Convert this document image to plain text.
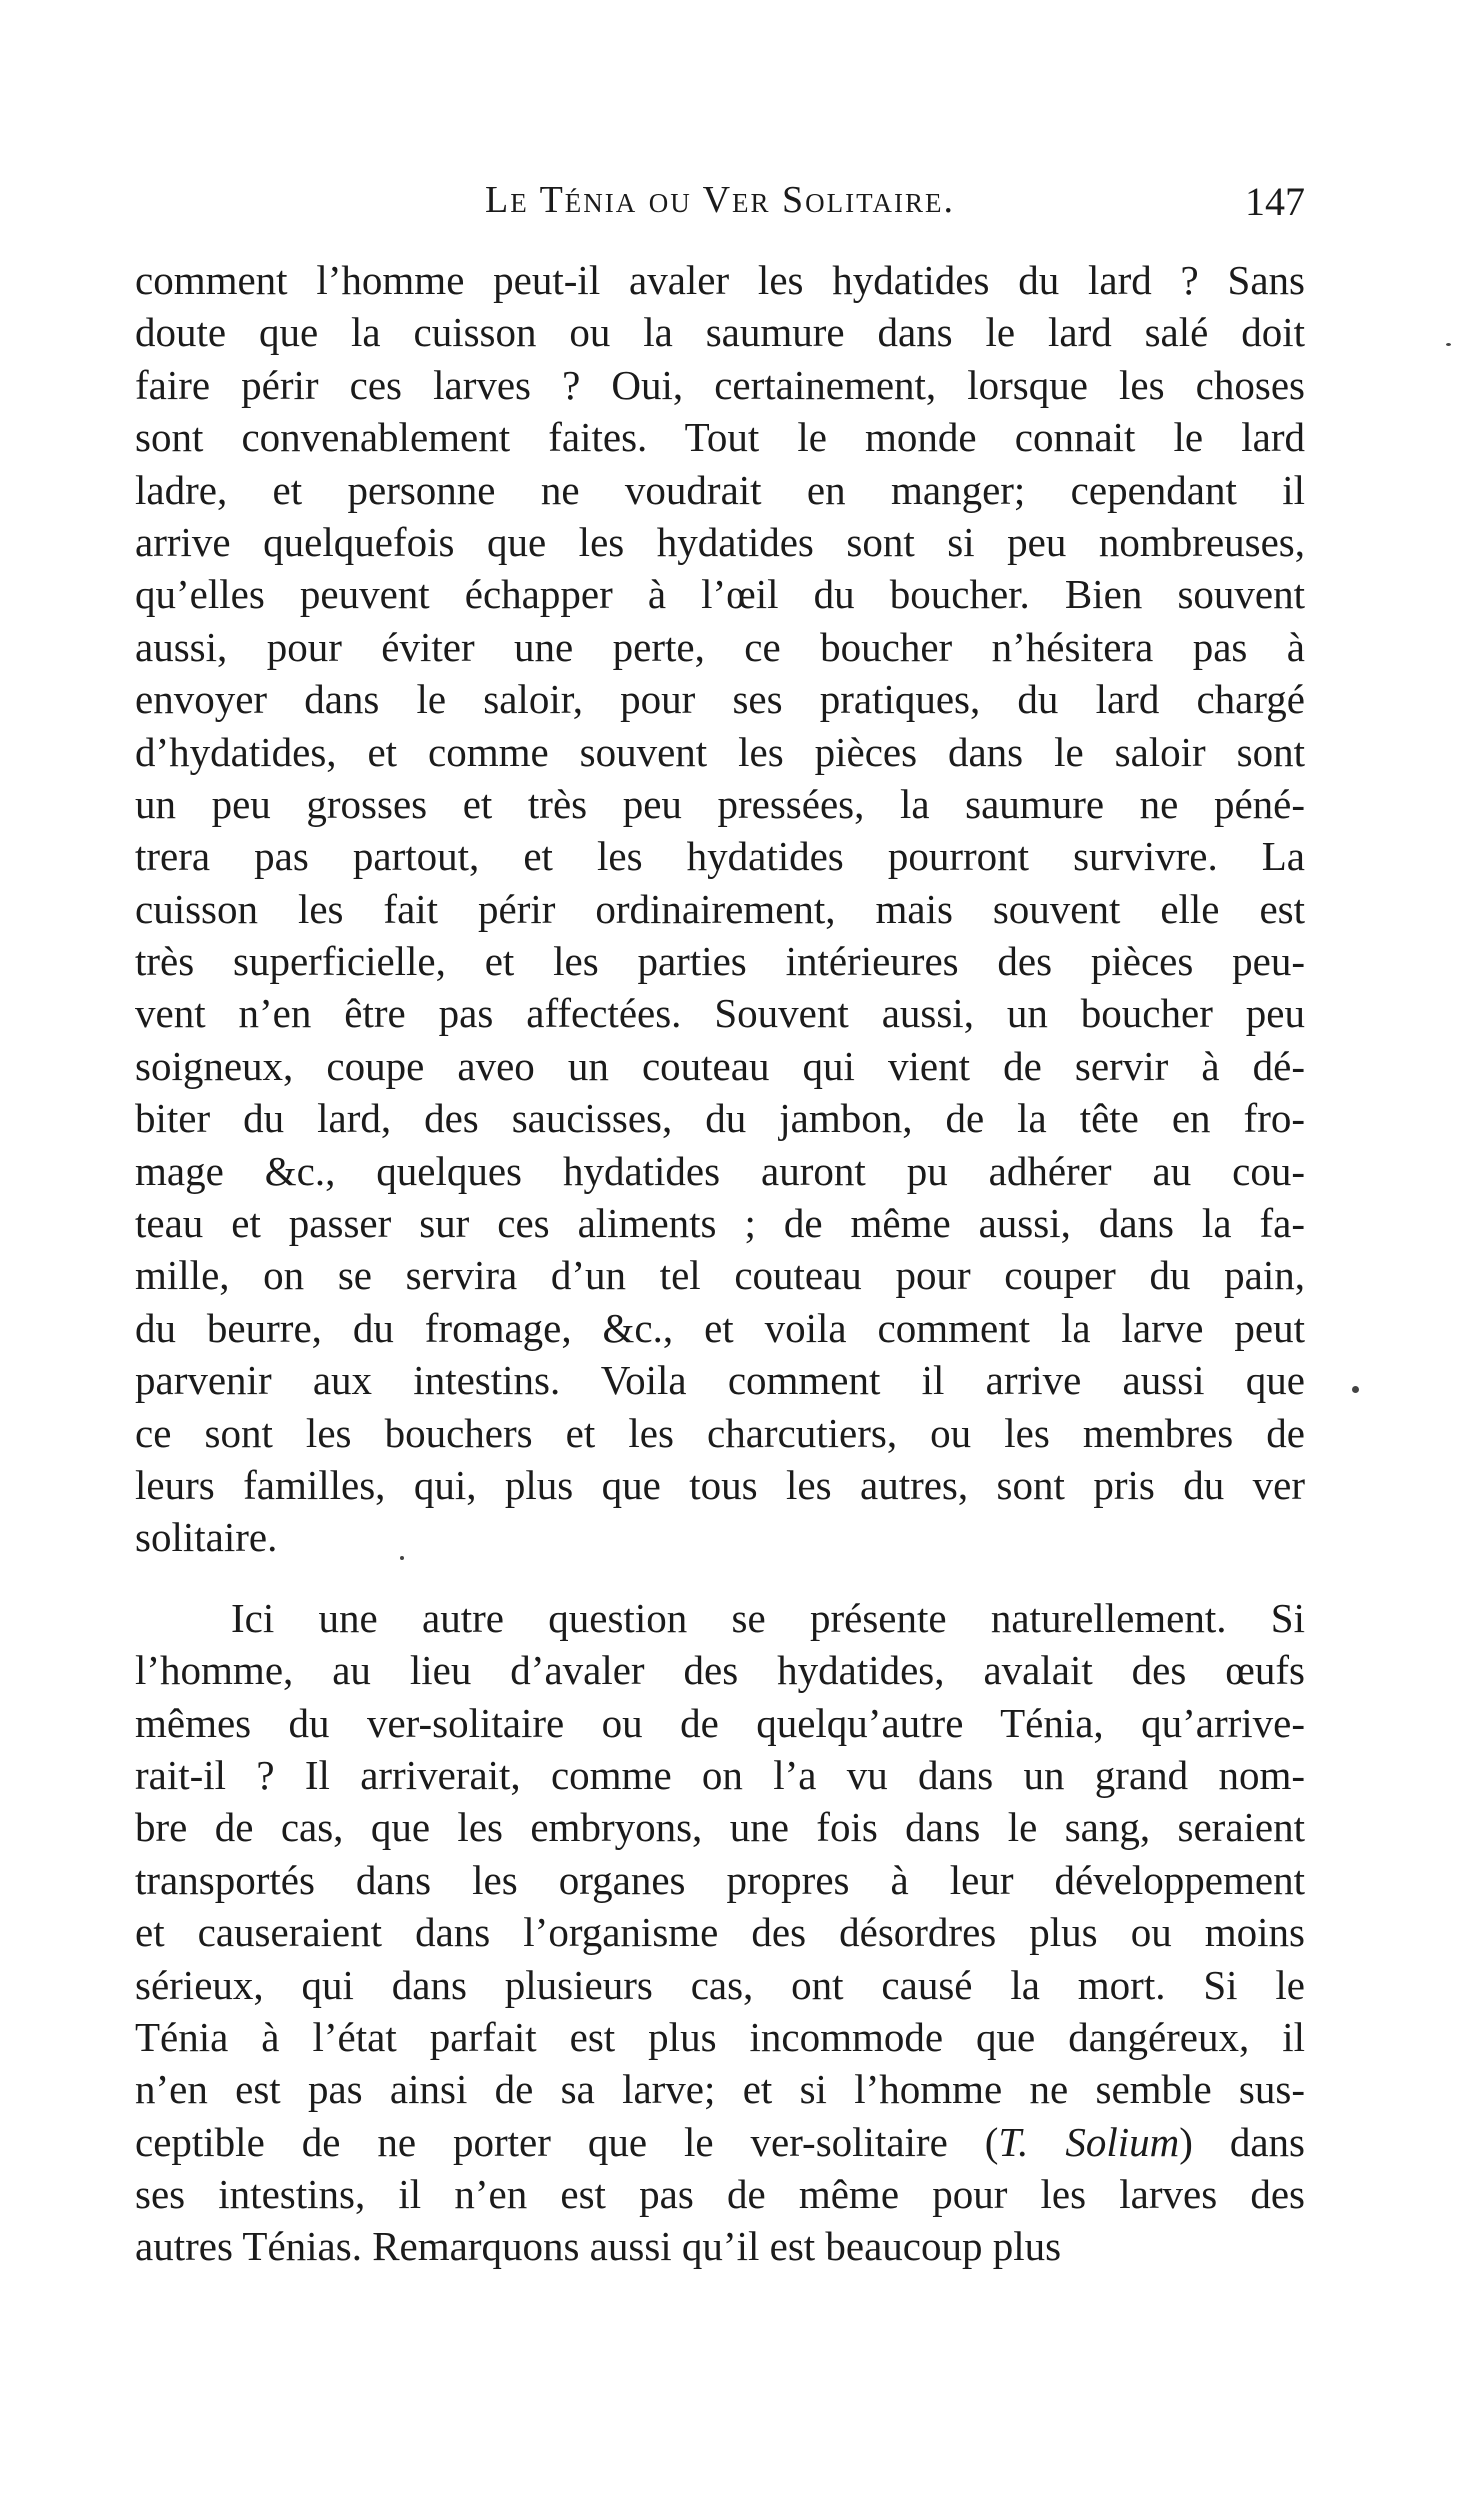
Le Ténia ou Ver Solitaire.	147
comment l’homme peut-il avaler les hydatides du lard ? Sans
doute que la cuisson ou la saumure dans le lard salé doit
faire périr ces larves ? Oui, certainement, lorsque les choses
sont convenablement faites. Tout le monde connait le lard
ladre, et personne ne voudrait en manger; cependant il
arrive quelquefois que les hydatides sont si peu nombreuses,
qu’elles peuvent échapper à l’œil du boucher. Bien souvent
aussi, pour éviter une perte, ce boucher n’hésitera pas à
envoyer dans le saloir, pour ses pratiques, du lard chargé
d’hydatides, et comme souvent les pièces dans le saloir sont
un peu grosses et très peu pressées, la saumure ne péné-
trera pas partout, et les hydatides pourront survivre. La
cuisson les fait périr ordinairement, mais souvent elle est
très superficielle, et les parties intérieures des pièces peu-
vent n’en être pas affectées. Souvent aussi, un boucher peu
soigneux, coupe aveo un couteau qui vient de servir à dé-
biter du lard, des saucisses, du jambon, de la tête en fro-
mage &c., quelques hydatides auront pu adhérer au cou-
teau et passer sur ces aliments ; de même aussi, dans la fa-
mille, on se servira d’un tel couteau pour couper du pain,
du beurre, du fromage, &c., et voila comment la larve peut
parvenir aux intestins. Voila comment il arrive aussi que
ce sont les bouchers et les charcutiers, ou les membres de
leurs familles, qui, plus que tous les autres, sont pris du ver
solitaire.
Ici une autre question se présente naturellement. Si
l’homme, au lieu d’avaler des hydatides, avalait des œufs
mêmes du ver-solitaire ou de quelqu’autre Ténia, qu’arrive-
rait-il ? Il arriverait, comme on l’a vu dans un grand nom-
bre de cas, que les embryons, une fois dans le sang, seraient
transportés dans les organes propres à leur développement
et causeraient dans l’organisme des désordres plus ou moins
sérieux, qui dans plusieurs cas, ont causé la mort. Si le
Ténia à l’état parfait est plus incommode que dangéreux, il
n’en est pas ainsi de sa larve; et si l’homme ne semble sus-
ceptible de ne porter que le ver-solitaire (T. Solium) dans
ses intestins, il n’en est pas de même pour les larves des
autres Ténias. Remarquons aussi qu’il est beaucoup plus
